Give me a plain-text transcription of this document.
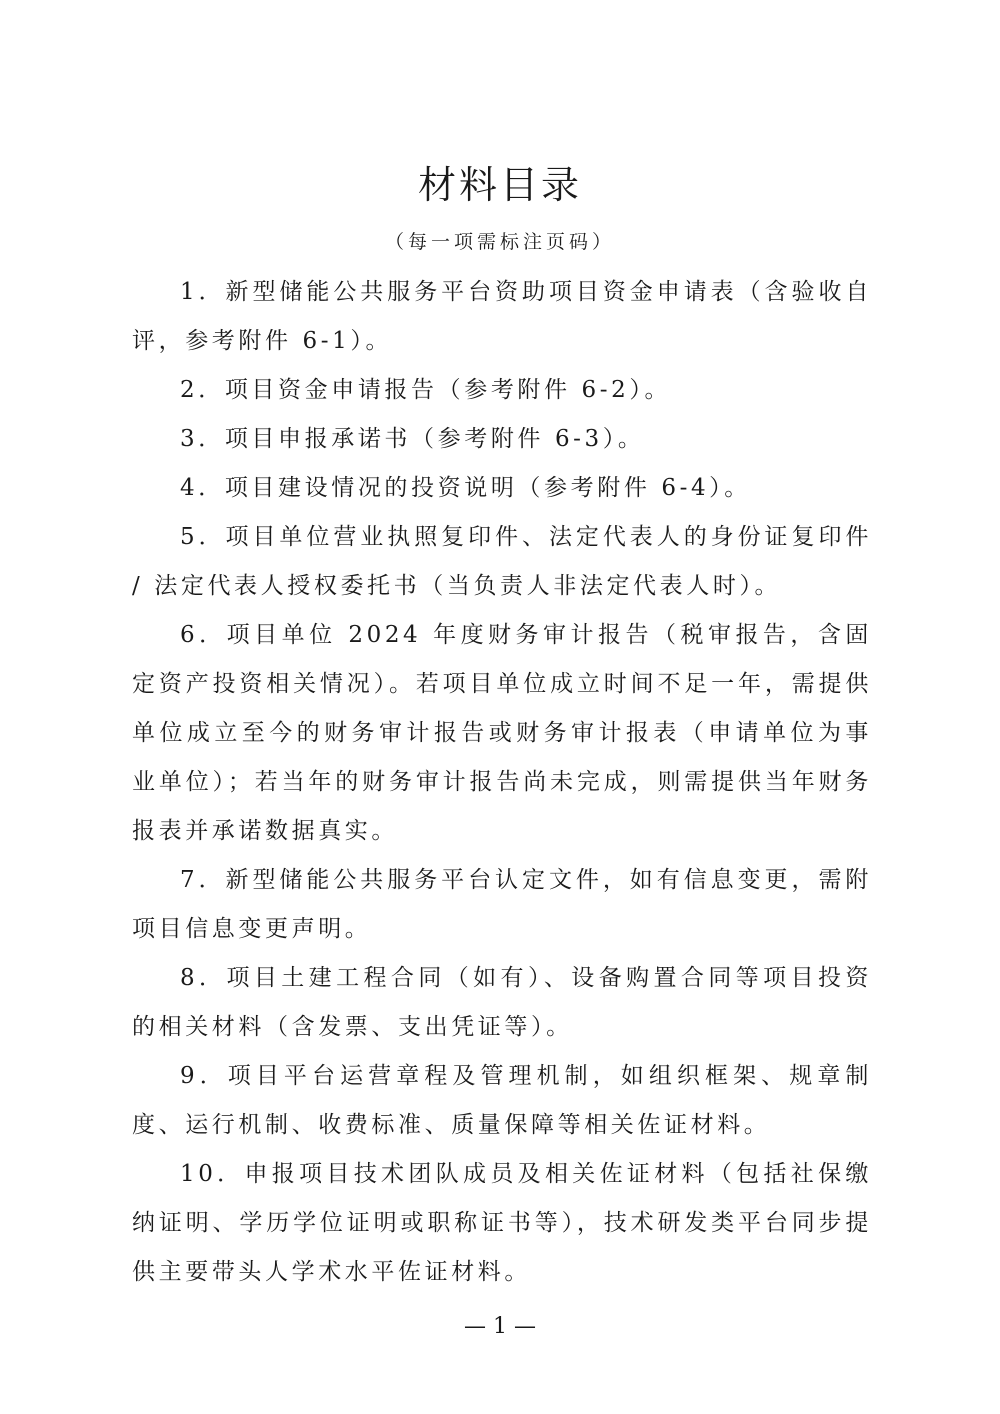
材料目录
（每一项需标注页码）

1．新型储能公共服务平台资助项目资金申请表（含验收自评，参考附件 6-1）。

2．项目资金申请报告（参考附件 6-2）。

3．项目申报承诺书（参考附件 6-3）。

4．项目建设情况的投资说明（参考附件 6-4）。

5．项目单位营业执照复印件、法定代表人的身份证复印件 / 法定代表人授权委托书（当负责人非法定代表人时）。

6．项目单位 2024 年度财务审计报告（税审报告，含固定资产投资相关情况）。若项目单位成立时间不足一年，需提供单位成立至今的财务审计报告或财务审计报表（申请单位为事业单位）；若当年的财务审计报告尚未完成，则需提供当年财务报表并承诺数据真实。

7．新型储能公共服务平台认定文件，如有信息变更，需附项目信息变更声明。

8．项目土建工程合同（如有）、设备购置合同等项目投资的相关材料（含发票、支出凭证等）。

9．项目平台运营章程及管理机制，如组织框架、规章制度、运行机制、收费标准、质量保障等相关佐证材料。

10．申报项目技术团队成员及相关佐证材料（包括社保缴纳证明、学历学位证明或职称证书等），技术研发类平台同步提供主要带头人学术水平佐证材料。

— 1 —
